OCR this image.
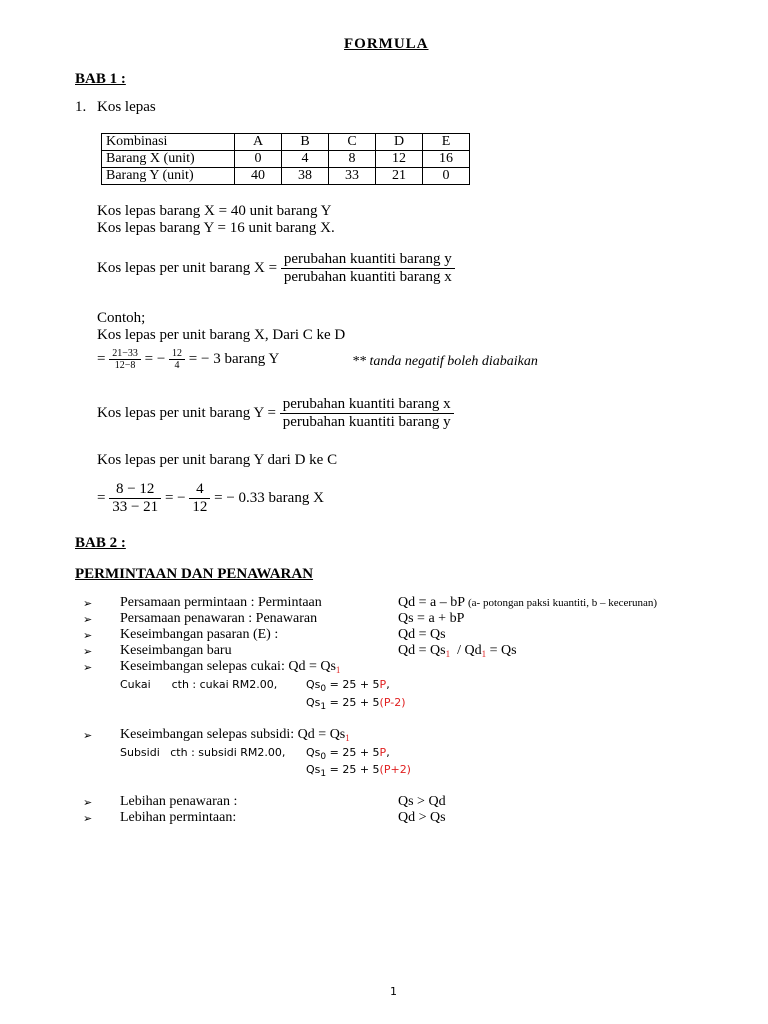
FORMULA
BAB 1 :
1. Kos lepas
Kombinasi	A	B	C	D	E
Barang X (unit)	0	4	8	12	16
Barang Y (unit)	40	38	33	21	0
Kos lepas barang X = 40 unit barang Y
Kos lepas barang Y = 16 unit barang X.
Kos lepas per unit barang $X = \frac{\text{perubahan kuantiti barang y}}{\text{perubahan kuantiti barang x}}$
Contoh;
Kos lepas per unit barang X, Dari C ke D
= $\frac{21-33}{12-8}$ = − $\frac{12}{4}$ = − 3 barang Y	** tanda negatif boleh diabaikan
Kos lepas per unit barang $Y = \frac{\text{perubahan kuantiti barang x}}{\text{perubahan kuantiti barang y}}$
Kos lepas per unit barang Y dari D ke C
= $\frac{8 - 12}{33 - 21}$ = − $\frac{4}{12}$ = − 0.33 barang X
BAB 2 :
PERMINTAAN DAN PENAWARAN
➢ Persamaan permintaan : Permintaan	Qd = a – bP (a- potongan paksi kuantiti, b – kecerunan)
➢ Persamaan penawaran : Penawaran	Qs = a + bP
➢ Keseimbangan pasaran (E) :	Qd = Qs
➢ Keseimbangan baru	$Qd = Qs_1 / Qd_1 = Qs$
➢ Keseimbangan selepas cukai: $Qd = Qs_1$
Cukai      cth : cukai RM2.00,	$Qs_0 = 25 + 5P$,
$Qs_1 = 25 + 5(P-2)$
➢ Keseimbangan selepas subsidi: $Qd = Qs_1$
Subsidi   cth : subsidi RM2.00, $Qs_0 = 25 + 5P$,
$Qs_1 = 25 + 5(P+2)$
➢ Lebihan penawaran :	Qs > Qd
➢ Lebihan permintaan:	Qd > Qs
1
